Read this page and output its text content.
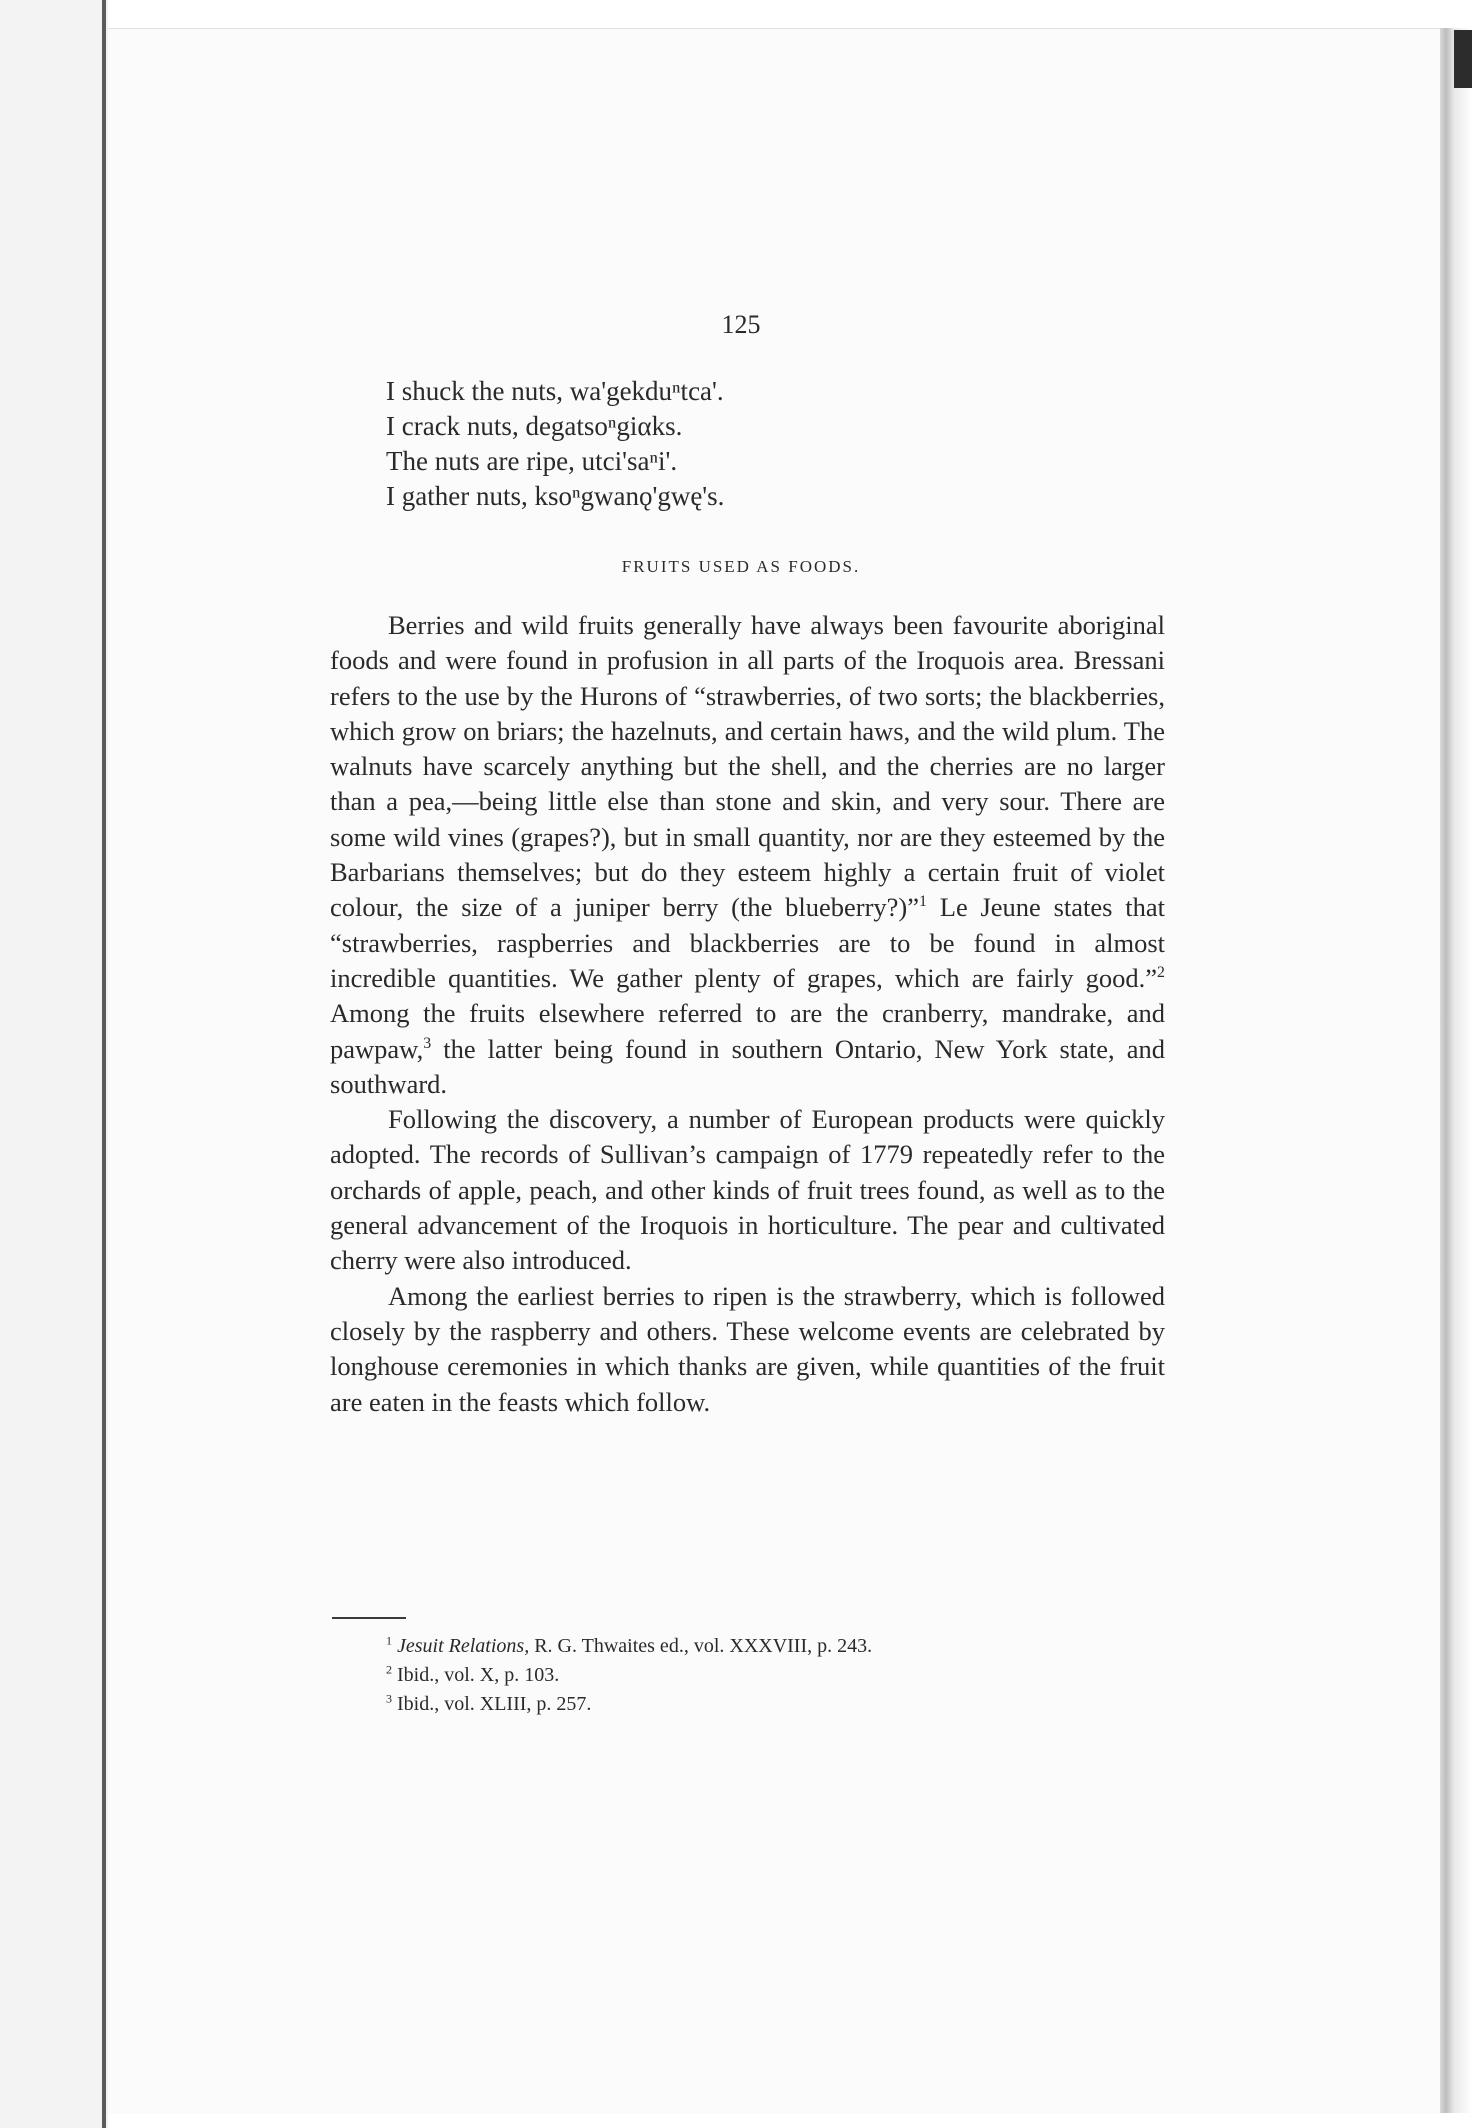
125
I shuck the nuts, wa'gekduⁿtca'.
I crack nuts, degatsoⁿgiαks.
The nuts are ripe, utci'saⁿi'.
I gather nuts, ksoⁿgwanǫ'gwę's.
FRUITS USED AS FOODS.

Berries and wild fruits generally have always been favourite aboriginal foods and were found in profusion in all parts of the Iroquois area. Bressani refers to the use by the Hurons of “strawberries, of two sorts; the blackberries, which grow on briars; the hazelnuts, and certain haws, and the wild plum. The walnuts have scarcely anything but the shell, and the cherries are no larger than a pea,—being little else than stone and skin, and very sour. There are some wild vines (grapes?), but in small quantity, nor are they esteemed by the Barbarians themselves; but do they esteem highly a certain fruit of violet colour, the size of a juniper berry (the blueberry?)”$^1$ Le Jeune states that “strawberries, raspberries and blackberries are to be found in almost incredible quantities. We gather plenty of grapes, which are fairly good.”$^2$ Among the fruits elsewhere referred to are the cranberry, mandrake, and pawpaw,$^3$ the latter being found in southern Ontario, New York state, and southward.

Following the discovery, a number of European products were quickly adopted. The records of Sullivan’s campaign of 1779 repeatedly refer to the orchards of apple, peach, and other kinds of fruit trees found, as well as to the general advancement of the Iroquois in horticulture. The pear and cultivated cherry were also introduced.

Among the earliest berries to ripen is the strawberry, which is followed closely by the raspberry and others. These welcome events are celebrated by longhouse ceremonies in which thanks are given, while quantities of the fruit are eaten in the feasts which follow.

$^1$ Jesuit Relations, R. G. Thwaites ed., vol. XXXVIII, p. 243.
$^2$ Ibid., vol. X, p. 103.
$^3$ Ibid., vol. XLIII, p. 257.
